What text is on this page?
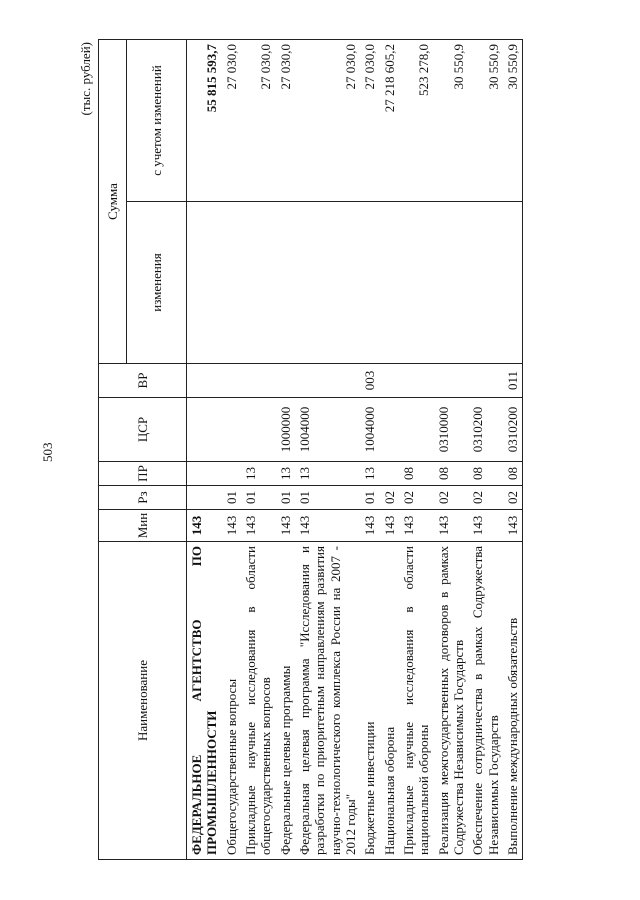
503
(тыс. рублей)
Наименование	Мин	Рз	ПР	ЦСР	ВР	Сумма	
						изменения	с учетом изменений
ФЕДЕРАЛЬНОЕ АГЕНТСТВО ПО ПРОМЫШЛЕННОСТИ	143						55 815 593,7
Общегосударственные вопросы	143	01					27 030,0
Прикладные научные исследования в области общегосударственных вопросов	143	01	13				27 030,0
Федеральные целевые программы	143	01	13	1000000			27 030,0
Федеральная целевая программа "Исследования и разработки по приоритетным направлениям развития научно-технологического комплекса России на 2007 - 2012 годы"	143	01	13	1004000			27 030,0
Бюджетные инвестиции	143	01	13	1004000	003		27 030,0
Национальная оборона	143	02					27 218 605,2
Прикладные научные исследования в области национальной обороны	143	02	08				523 278,0
Реализация межгосударственных договоров в рамках Содружества Независимых Государств	143	02	08	0310000			30 550,9
Обеспечение сотрудничества в рамках Содружества Независимых Государств	143	02	08	0310200			30 550,9
Выполнение международных обязательств	143	02	08	0310200	011		30 550,9
